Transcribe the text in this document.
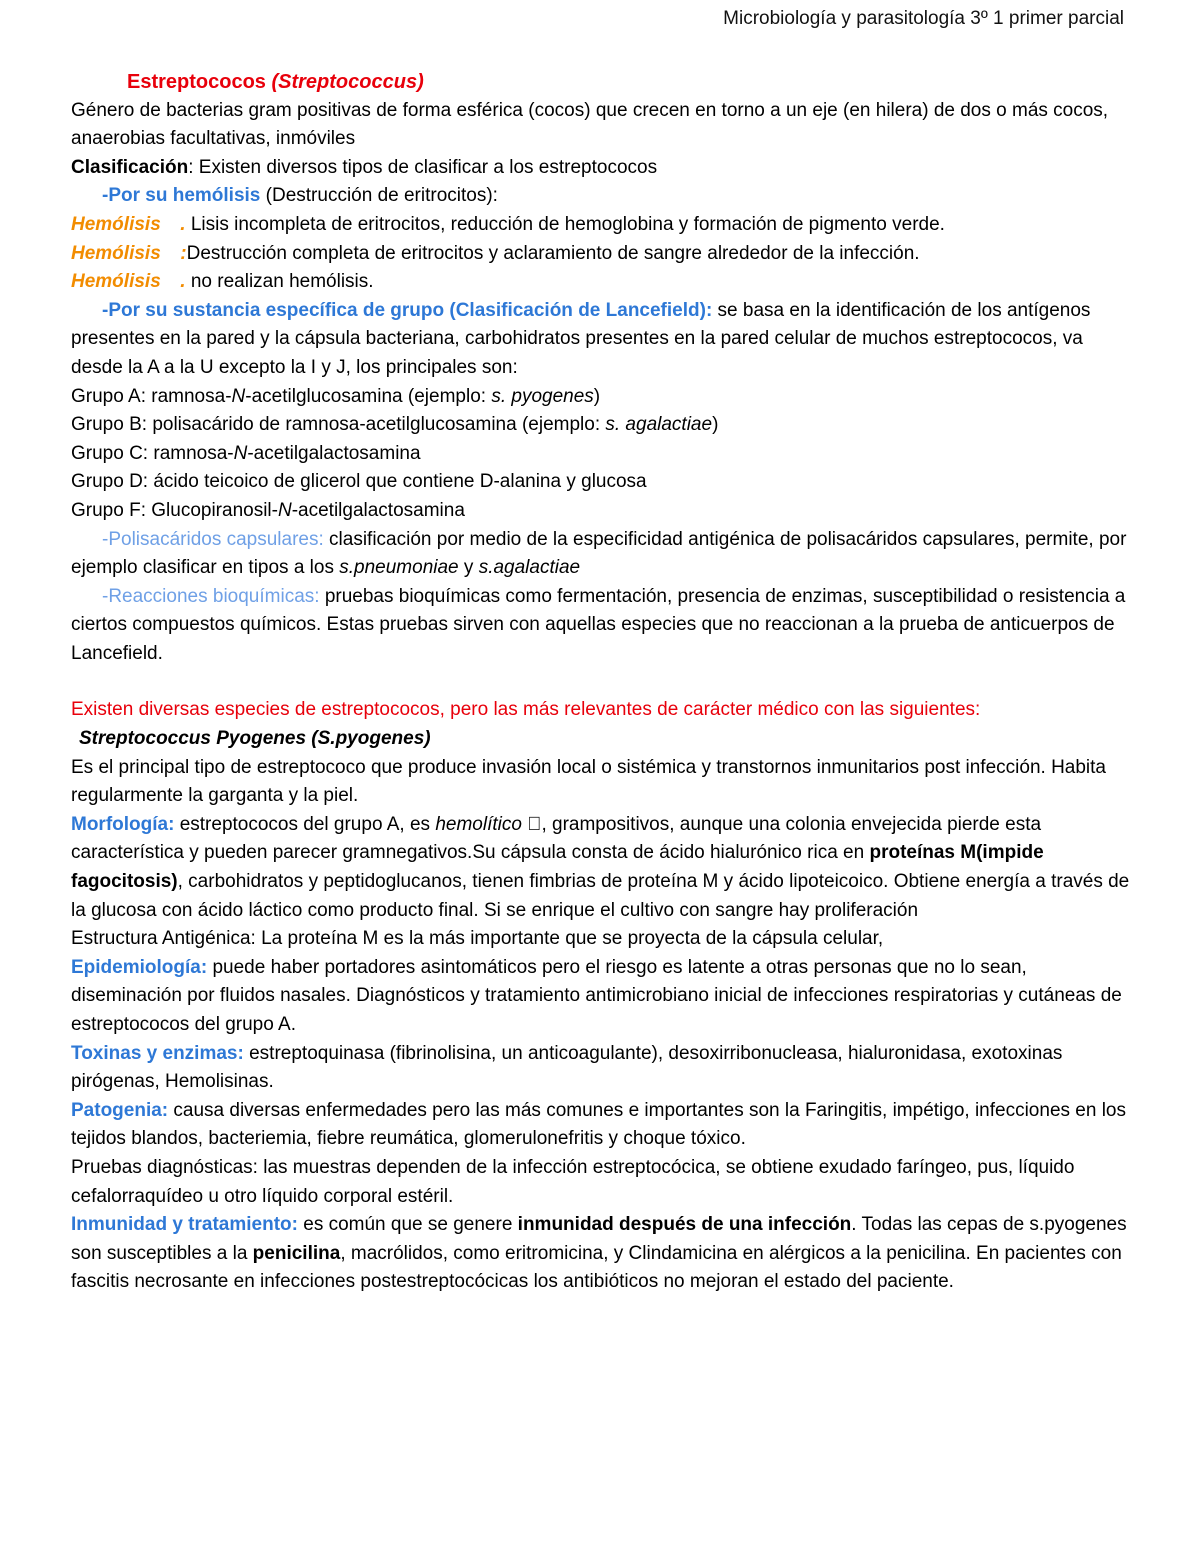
Microbiología y parasitología 3º 1 primer parcial

Estreptococos (Streptococcus)

Género de bacterias gram positivas de forma esférica (cocos) que crecen en torno a un eje (en hilera) de dos o más cocos, anaerobias facultativas, inmóviles

Clasificación: Existen diversos tipos de clasificar a los estreptococos

-Por su hemólisis (Destrucción de eritrocitos):

Hemólisis  . Lisis incompleta de eritrocitos, reducción de hemoglobina y formación de pigmento verde.

Hemólisis  :Destrucción completa de eritrocitos y aclaramiento de sangre alrededor de la infección.

Hemólisis  . no realizan hemólisis.

-Por su sustancia específica de grupo (Clasificación de Lancefield): se basa en la identificación de los antígenos presentes en la pared y la cápsula bacteriana, carbohidratos presentes en la pared celular de muchos estreptococos, va desde la A a la U excepto la I y J, los principales son:

Grupo A: ramnosa-N-acetilglucosamina (ejemplo: s. pyogenes)

Grupo B: polisacárido de ramnosa-acetilglucosamina (ejemplo: s. agalactiae)

Grupo C: ramnosa-N-acetilgalactosamina

Grupo D: ácido teicoico de glicerol que contiene D-alanina y glucosa

Grupo F: Glucopiranosil-N-acetilgalactosamina

-Polisacáridos capsulares: clasificación por medio de la especificidad antigénica de polisacáridos capsulares, permite, por ejemplo clasificar en tipos a los s.pneumoniae y s.agalactiae

-Reacciones bioquímicas: pruebas bioquímicas como fermentación, presencia de enzimas, susceptibilidad o resistencia a ciertos compuestos químicos. Estas pruebas sirven con aquellas especies que no reaccionan a la prueba de anticuerpos de Lancefield.

Existen diversas especies de estreptococos, pero las más relevantes de carácter médico con las siguientes:

Streptococcus Pyogenes (S.pyogenes)

Es el principal tipo de estreptococo que produce invasión local o sistémica y transtornos inmunitarios post infección. Habita regularmente la garganta y la piel.

Morfología: estreptococos del grupo A, es hemolítico  , grampositivos, aunque una colonia envejecida pierde esta característica y pueden parecer gramnegativos.Su cápsula consta de ácido hialurónico rica en proteínas M(impide fagocitosis), carbohidratos y peptidoglucanos, tienen fimbrias de proteína M y ácido lipoteicoico. Obtiene energía a través de la glucosa con ácido láctico como producto final. Si se enrique el cultivo con sangre hay proliferación

Estructura Antigénica: La proteína M es la más importante que se proyecta de la cápsula celular,

Epidemiología: puede haber portadores asintomáticos pero el riesgo es latente a otras personas que no lo sean, diseminación por fluidos nasales. Diagnósticos y tratamiento antimicrobiano inicial de infecciones respiratorias y cutáneas de estreptococos del grupo A.

Toxinas y enzimas: estreptoquinasa (fibrinolisina, un anticoagulante), desoxirribonucleasa, hialuronidasa, exotoxinas pirógenas, Hemolisinas.

Patogenia: causa diversas enfermedades pero las más comunes e importantes son la Faringitis, impétigo, infecciones en los tejidos blandos, bacteriemia, fiebre reumática, glomerulonefritis y choque tóxico.

Pruebas diagnósticas: las muestras dependen de la infección estreptocócica, se obtiene exudado faríngeo, pus, líquido cefalorraquídeo u otro líquido corporal estéril.

Inmunidad y tratamiento: es común que se genere inmunidad después de una infección. Todas las cepas de s.pyogenes son susceptibles a la penicilina, macrólidos, como eritromicina, y Clindamicina en alérgicos a la penicilina. En pacientes con fascitis necrosante en infecciones postestreptocócicas los antibióticos no mejoran el estado del paciente.
